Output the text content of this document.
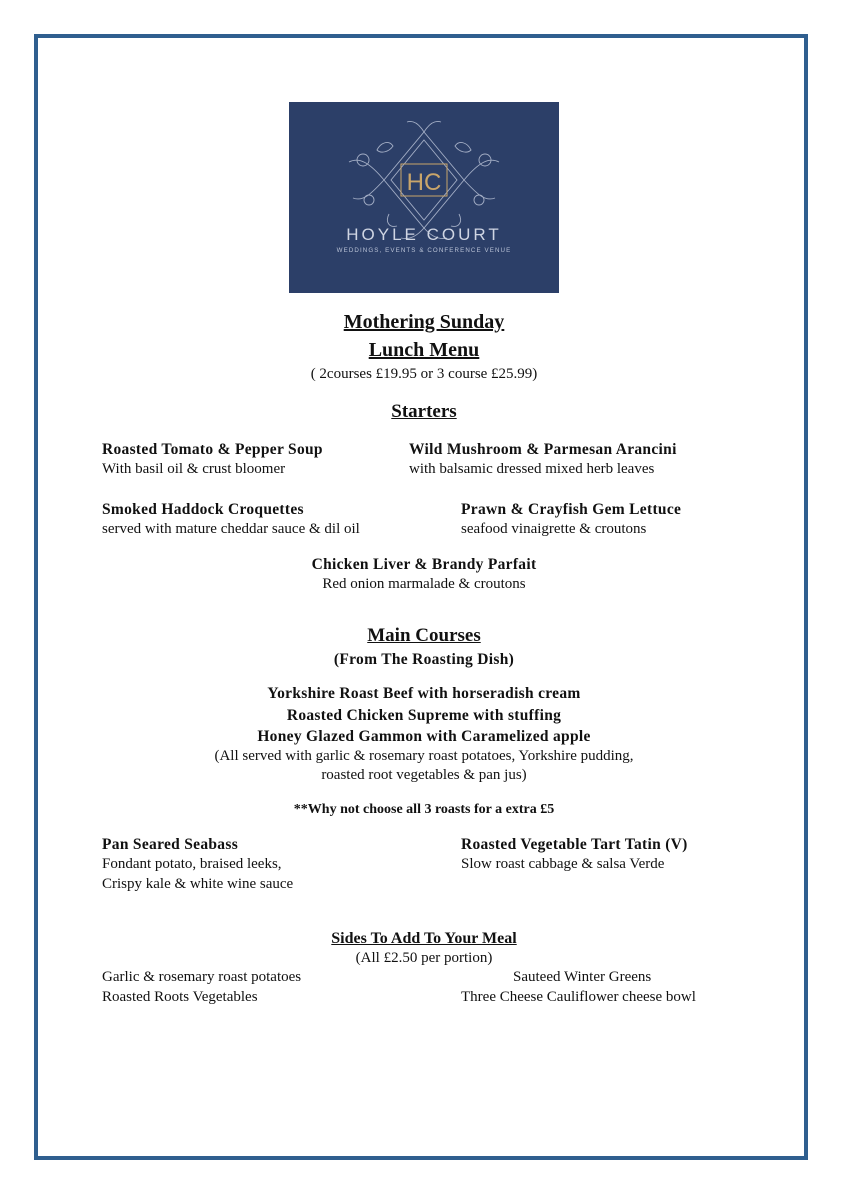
HC
HOYLE COURT
WEDDINGS, EVENTS & CONFERENCE VENUE
Mothering Sunday
Lunch Menu
( 2courses £19.95 or 3 course £25.99)
Starters
Roasted Tomato & Pepper Soup
With basil oil & crust bloomer
Wild Mushroom & Parmesan Arancini
with balsamic dressed mixed herb leaves
Smoked Haddock Croquettes
served with mature cheddar sauce & dil oil
Prawn & Crayfish Gem Lettuce
seafood vinaigrette & croutons
Chicken Liver & Brandy Parfait
Red onion marmalade & croutons
Main Courses
(From The Roasting Dish)
Yorkshire Roast Beef with horseradish cream
Roasted Chicken Supreme with stuffing
Honey Glazed Gammon with Caramelized apple
(All served with garlic & rosemary roast potatoes, Yorkshire pudding,
roasted root vegetables & pan jus)
**Why not choose all 3 roasts for a extra £5
Pan Seared Seabass
Fondant potato, braised leeks,
Crispy kale & white wine sauce
Roasted Vegetable Tart Tatin (V)
Slow roast cabbage & salsa Verde
Sides To Add To Your Meal
(All £2.50 per portion)
Garlic & rosemary roast potatoes	Sauteed Winter Greens
Roasted Roots Vegetables	Three Cheese Cauliflower cheese bowl
